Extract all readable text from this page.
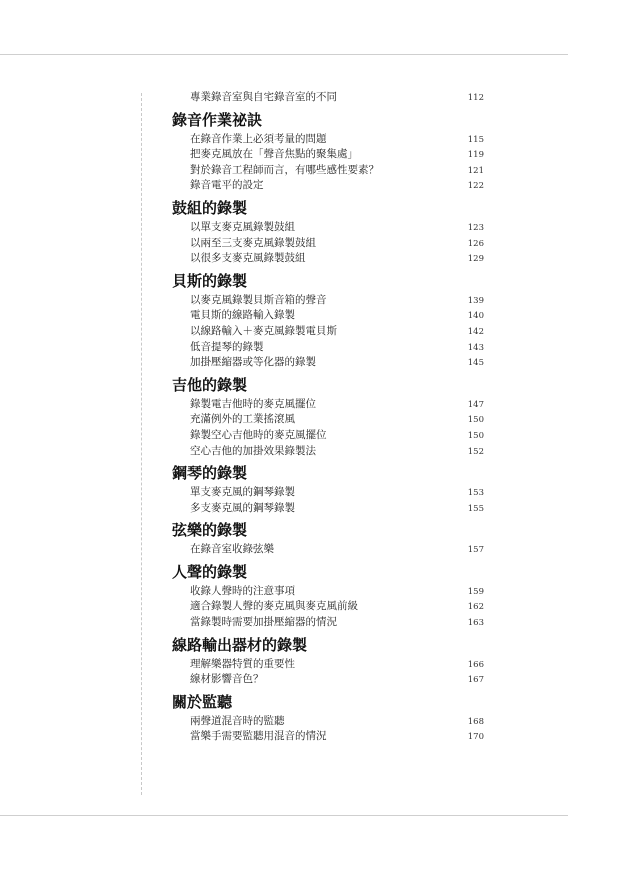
專業錄音室與自宅錄音室的不同	112
錄音作業祕訣
在錄音作業上必須考量的問題	115
把麥克風放在「聲音焦點的聚集處」	119
對於錄音工程師而言，有哪些感性要素？	121
錄音電平的設定	122
鼓組的錄製
以單支麥克風錄製鼓組	123
以兩至三支麥克風錄製鼓組	126
以很多支麥克風錄製鼓組	129
貝斯的錄製
以麥克風錄製貝斯音箱的聲音	139
電貝斯的線路輸入錄製	140
以線路輸入＋麥克風錄製電貝斯	142
低音提琴的錄製	143
加掛壓縮器或等化器的錄製	145
吉他的錄製
錄製電吉他時的麥克風擺位	147
充滿例外的工業搖滾風	150
錄製空心吉他時的麥克風擺位	150
空心吉他的加掛效果錄製法	152
鋼琴的錄製
單支麥克風的鋼琴錄製	153
多支麥克風的鋼琴錄製	155
弦樂的錄製
在錄音室收錄弦樂	157
人聲的錄製
收錄人聲時的注意事項	159
適合錄製人聲的麥克風與麥克風前級	162
當錄製時需要加掛壓縮器的情況	163
線路輸出器材的錄製
理解樂器特質的重要性	166
線材影響音色？	167
關於監聽
兩聲道混音時的監聽	168
當樂手需要監聽用混音的情況	170
